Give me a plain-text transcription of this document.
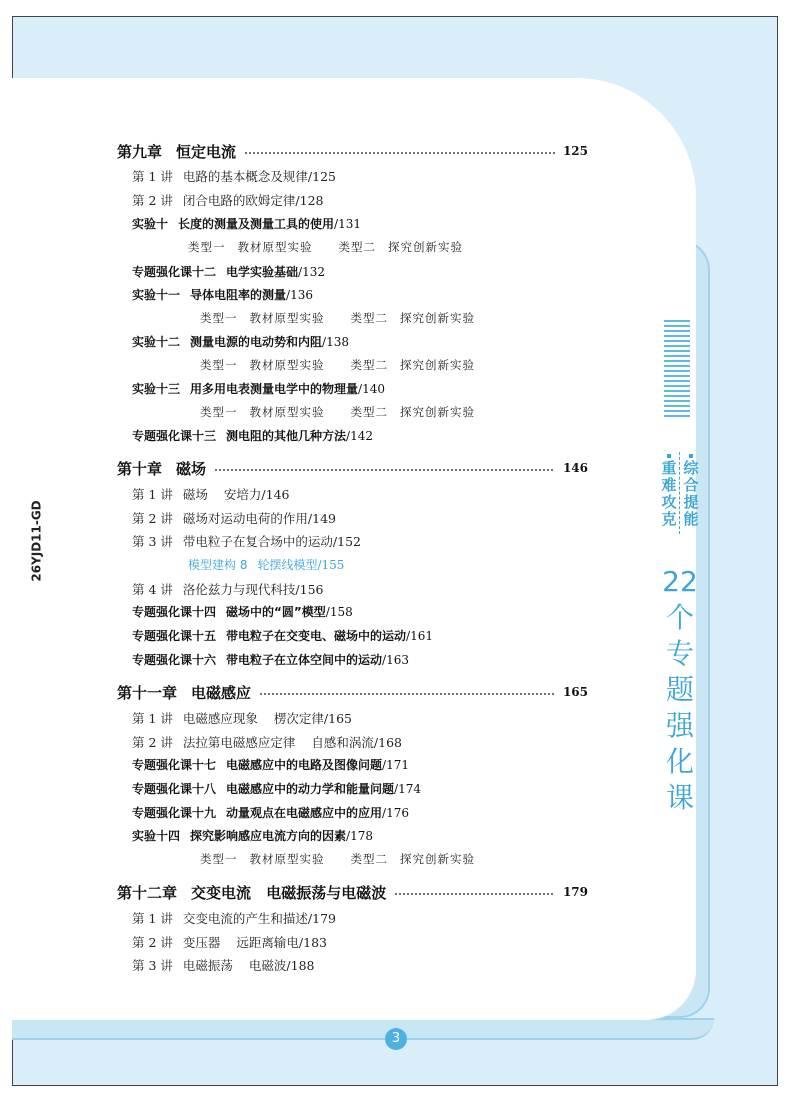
26YJD11-GD
重
难
攻
克
综
合
提
能
22
个
专
题
强
化
课
3
第九章 恒定电流	125
第 1 讲 电路的基本概念及规律/125
第 2 讲 闭合电路的欧姆定律/128
实验十 长度的测量及测量工具的使用/131
类型一 教材原型实验 类型二 探究创新实验
专题强化课十二 电学实验基础/132
实验十一 导体电阻率的测量/136
类型一 教材原型实验 类型二 探究创新实验
实验十二 测量电源的电动势和内阻/138
类型一 教材原型实验 类型二 探究创新实验
实验十三 用多用电表测量电学中的物理量/140
类型一 教材原型实验 类型二 探究创新实验
专题强化课十三 测电阻的其他几种方法/142
第十章 磁场	146
第 1 讲 磁场 安培力/146
第 2 讲 磁场对运动电荷的作用/149
第 3 讲 带电粒子在复合场中的运动/152
模型建构 8 轮摆线模型/155
第 4 讲 洛伦兹力与现代科技/156
专题强化课十四 磁场中的“圆”模型/158
专题强化课十五 带电粒子在交变电、磁场中的运动/161
专题强化课十六 带电粒子在立体空间中的运动/163
第十一章 电磁感应	165
第 1 讲 电磁感应现象 楞次定律/165
第 2 讲 法拉第电磁感应定律 自感和涡流/168
专题强化课十七 电磁感应中的电路及图像问题/171
专题强化课十八 电磁感应中的动力学和能量问题/174
专题强化课十九 动量观点在电磁感应中的应用/176
实验十四 探究影响感应电流方向的因素/178
类型一 教材原型实验 类型二 探究创新实验
第十二章 交变电流 电磁振荡与电磁波	179
第 1 讲 交变电流的产生和描述/179
第 2 讲 变压器 远距离输电/183
第 3 讲 电磁振荡 电磁波/188
